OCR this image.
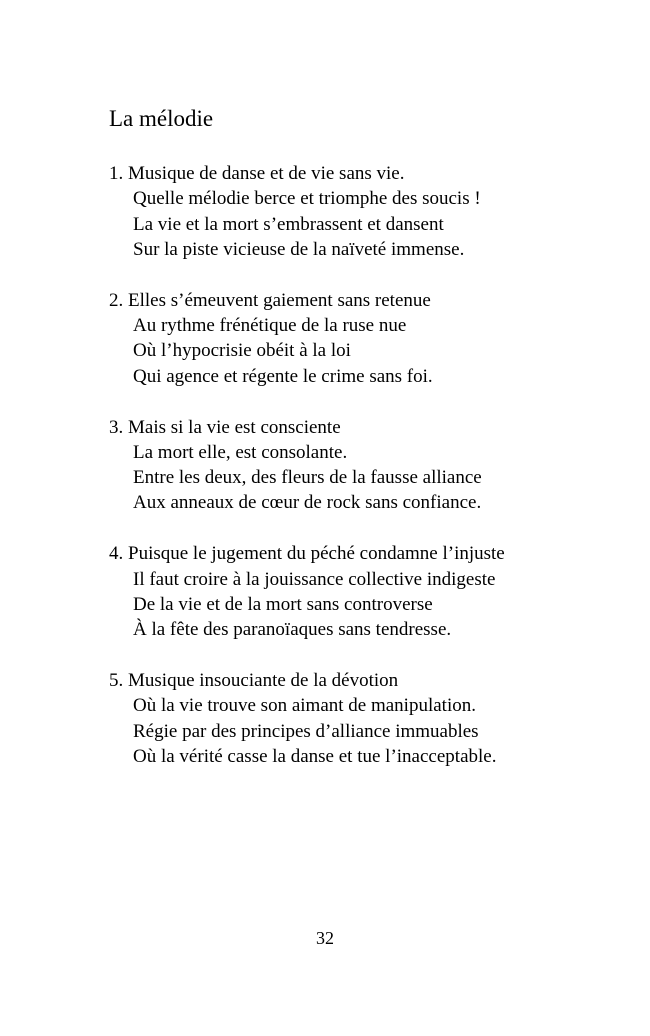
La mélodie
1. Musique de danse et de vie sans vie.
Quelle mélodie berce et triomphe des soucis !
La vie et la mort s’embrassent et dansent
Sur la piste vicieuse de la naïveté immense.
2. Elles s’émeuvent gaiement sans retenue
Au rythme frénétique de la ruse nue
Où l’hypocrisie obéit à la loi
Qui agence et régente le crime sans foi.
3. Mais si la vie est consciente
La mort elle, est consolante.
Entre les deux, des fleurs de la fausse alliance
Aux anneaux de cœur de rock sans confiance.
4. Puisque le jugement du péché condamne l’injuste
Il faut croire à la jouissance collective indigeste
De la vie et de la mort sans controverse
À la fête des paranoïaques sans tendresse.
5. Musique insouciante de la dévotion
Où la vie trouve son aimant de manipulation.
Régie par des principes d’alliance immuables
Où la vérité casse la danse et tue l’inacceptable.
32
